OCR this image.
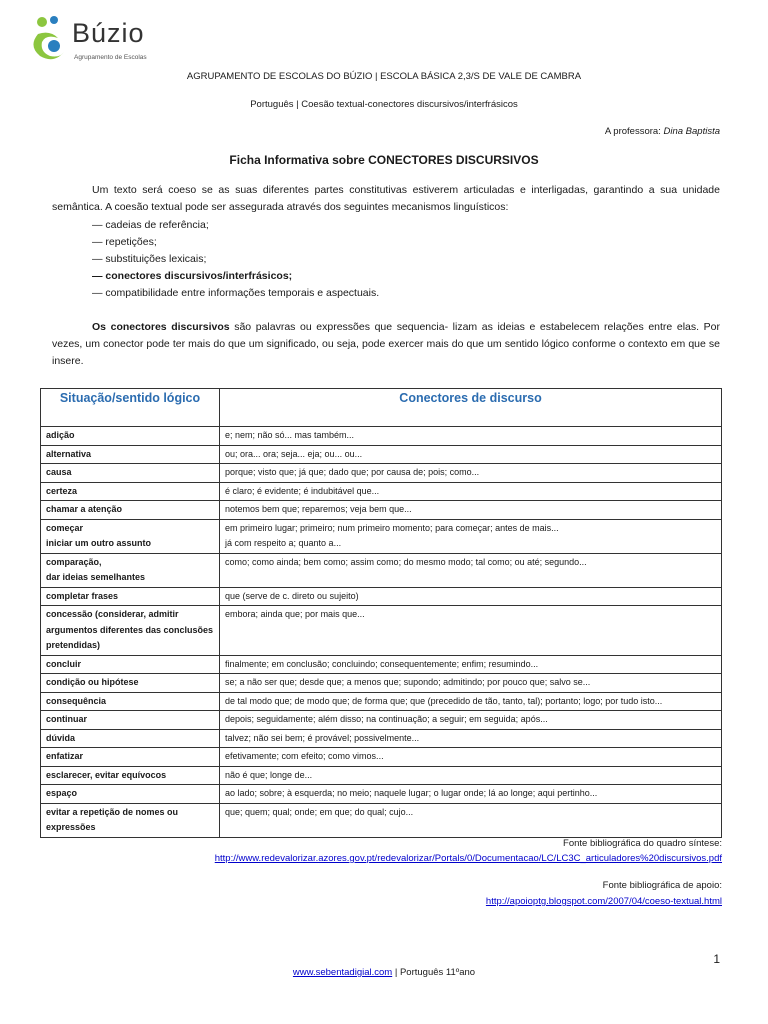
Búzio
Agrupamento de Escolas
AGRUPAMENTO DE ESCOLAS DO BÚZIO | ESCOLA BÁSICA 2,3/S DE VALE DE CAMBRA
Português | Coesão textual-conectores discursivos/interfrásicos
A professora: Dina Baptista
Ficha Informativa sobre CONECTORES DISCURSIVOS
Um texto será coeso se as suas diferentes partes constitutivas estiverem articuladas e interligadas, garantindo a sua unidade semântica. A coesão textual pode ser assegurada através dos seguintes mecanismos linguísticos:
— cadeias de referência;
— repetições;
— substituições lexicais;
— conectores discursivos/interfrásicos;
— compatibilidade entre informações temporais e aspectuais.
Os conectores discursivos são palavras ou expressões que sequencia- lizam as ideias e estabelecem relações entre elas. Por vezes, um conector pode ter mais do que um significado, ou seja, pode exercer mais do que um sentido lógico conforme o contexto em que se insere.
Situação/sentido lógico	Conectores de discurso
adição	e; nem; não só... mas também...
alternativa	ou; ora... ora; seja... eja; ou... ou...
causa	porque; visto que; já que; dado que; por causa de; pois; como...
certeza	é claro; é evidente; é indubitável que...
chamar a atenção	notemos bem que; reparemos; veja bem que...
começar
iniciar um outro assunto	em primeiro lugar; primeiro; num primeiro momento; para começar; antes de mais...
já com respeito a; quanto a...
comparação,
dar ideias semelhantes	como; como ainda; bem como; assim como; do mesmo modo; tal como; ou até; segundo...
completar frases	que (serve de c. direto ou sujeito)
concessão (considerar, admitir argumentos diferentes das conclusões pretendidas)	embora; ainda que; por mais que...
concluir	finalmente; em conclusão; concluindo; consequentemente; enfim; resumindo...
condição ou hipótese	se; a não ser que; desde que; a menos que; supondo; admitindo; por pouco que; salvo se...
consequência	de tal modo que; de modo que; de forma que; que (precedido de tão, tanto, tal); portanto; logo; por tudo isto...
continuar	depois; seguidamente; além disso; na continuação; a seguir; em seguida; após...
dúvida	talvez; não sei bem; é provável; possivelmente...
enfatizar	efetivamente; com efeito; como vimos...
esclarecer, evitar equívocos	não é que; longe de...
espaço	ao lado; sobre; à esquerda; no meio; naquele lugar; o lugar onde; lá ao longe; aqui pertinho...
evitar a repetição de nomes ou expressões	que; quem; qual; onde; em que; do qual; cujo...
Fonte bibliográfica do quadro síntese:
http://www.redevalorizar.azores.gov.pt/redevalorizar/Portals/0/Documentacao/LC/LC3C_articuladores%20discursivos.pdf
Fonte bibliográfica de apoio:
http://apoioptg.blogspot.com/2007/04/coeso-textual.html
1
www.sebentadigial.com | Português 11ºano
